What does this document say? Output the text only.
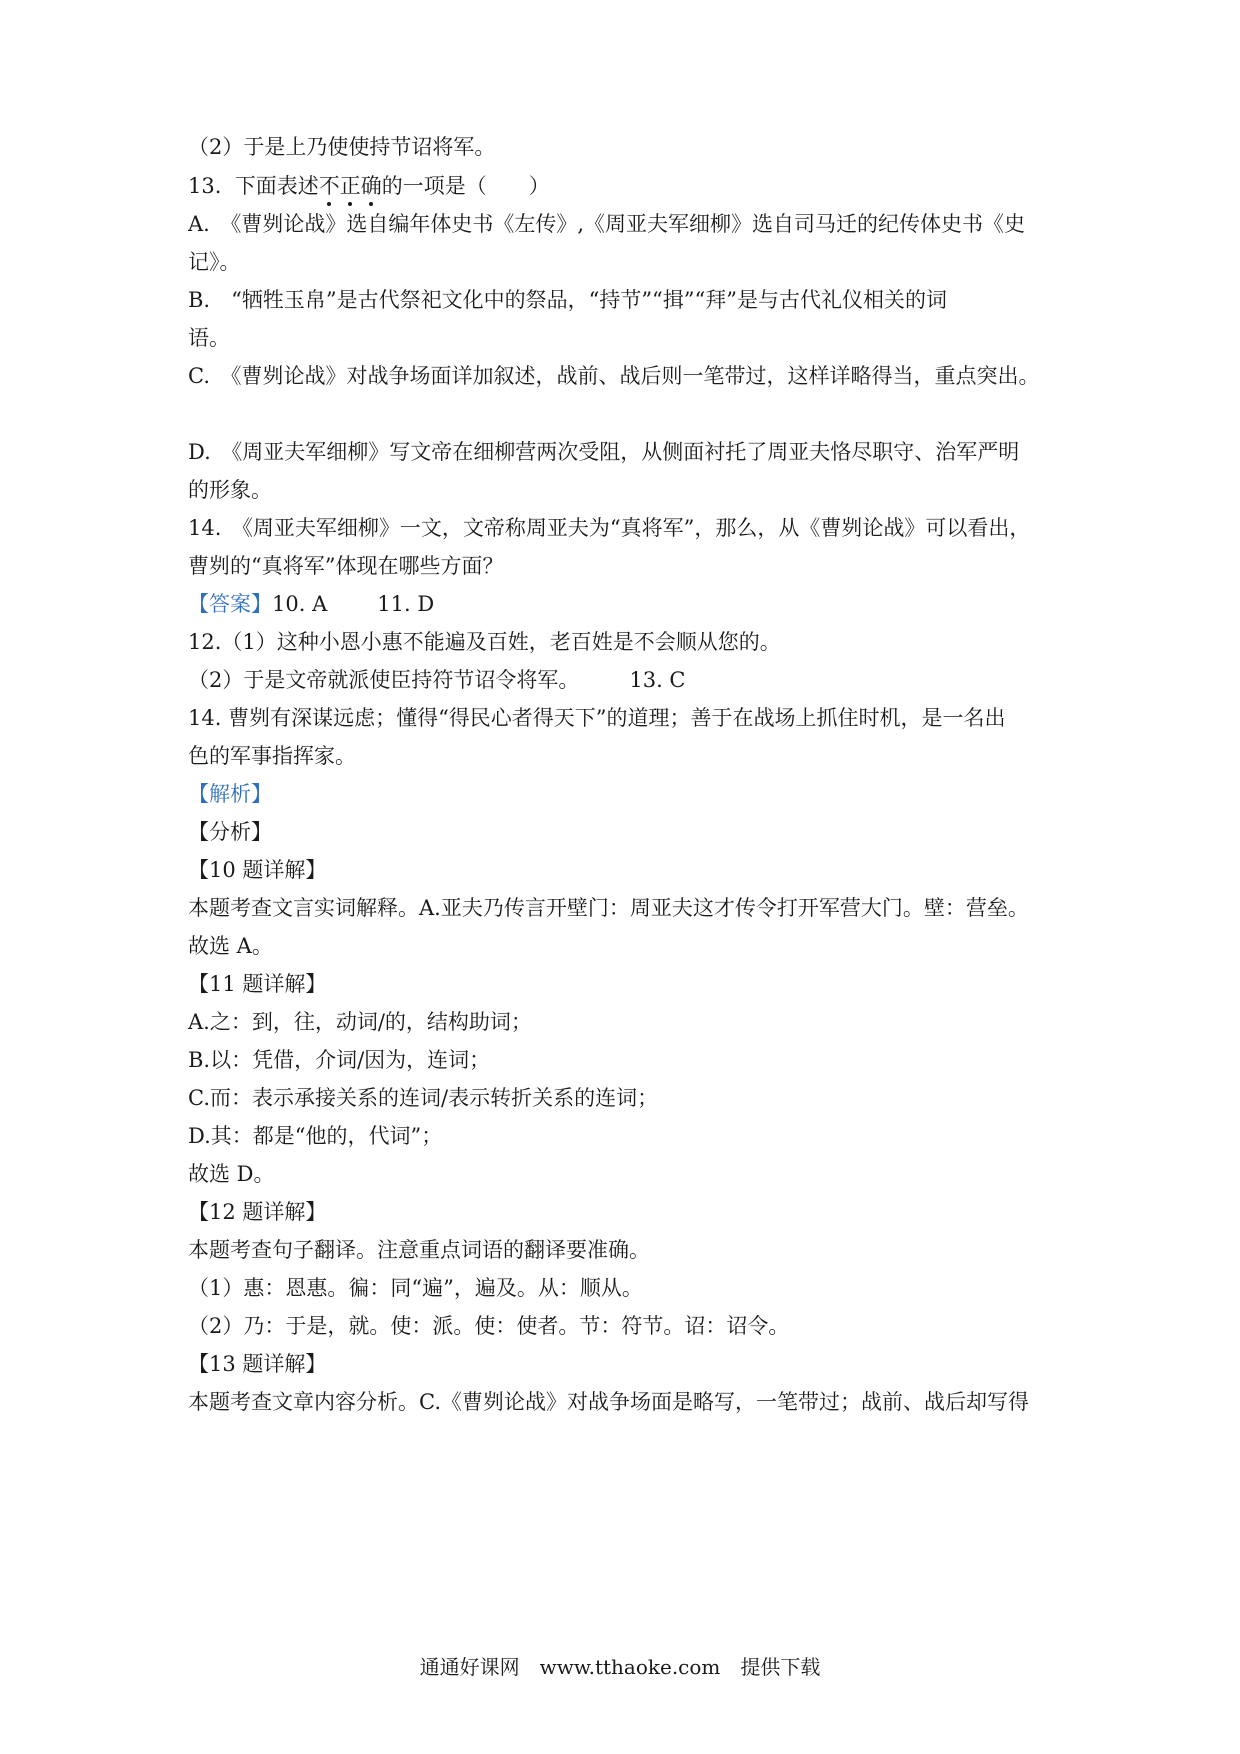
（2）于是上乃使使持节诏将军。
13. 下面表述不正确的一项是（　　）
A.　《曹刿论战》选自编年体史书《左传》,《周亚夫军细柳》选自司马迁的纪传体史书《史
记》。
B.　“牺牲玉帛”是古代祭祀文化中的祭品，“持节”“揖”“拜”是与古代礼仪相关的词
语。
C.　《曹刿论战》对战争场面详加叙述，战前、战后则一笔带过，这样详略得当，重点突出。
D.　《周亚夫军细柳》写文帝在细柳营两次受阻，从侧面衬托了周亚夫恪尽职守、治军严明
的形象。
14.　《周亚夫军细柳》一文，文帝称周亚夫为“真将军”，那么，从《曹刿论战》可以看出，
曹刿的“真将军”体现在哪些方面？
【答案】10. A 11. D
12.（1）这种小恩小惠不能遍及百姓，老百姓是不会顺从您的。
（2）于是文帝就派使臣持符节诏令将军。 13. C
14. 曹刿有深谋远虑；懂得“得民心者得天下”的道理；善于在战场上抓住时机，是一名出
色的军事指挥家。
【解析】
【分析】
【10 题详解】
本题考查文言实词解释。A.亚夫乃传言开壁门：周亚夫这才传令打开军营大门。壁：营垒。
故选 A。
【11 题详解】
A.之：到，往，动词/的，结构助词；
B.以：凭借，介词/因为，连词；
C.而：表示承接关系的连词/表示转折关系的连词；
D.其：都是“他的，代词”；
故选 D。
【12 题详解】
本题考查句子翻译。注意重点词语的翻译要准确。
（1）惠：恩惠。徧：同“遍”，遍及。从：顺从。
（2）乃：于是，就。使：派。使：使者。节：符节。诏：诏令。
【13 题详解】
本题考查文章内容分析。C.《曹刿论战》对战争场面是略写，一笔带过；战前、战后却写得
通通好课网　www.tthaoke.com　提供下载
